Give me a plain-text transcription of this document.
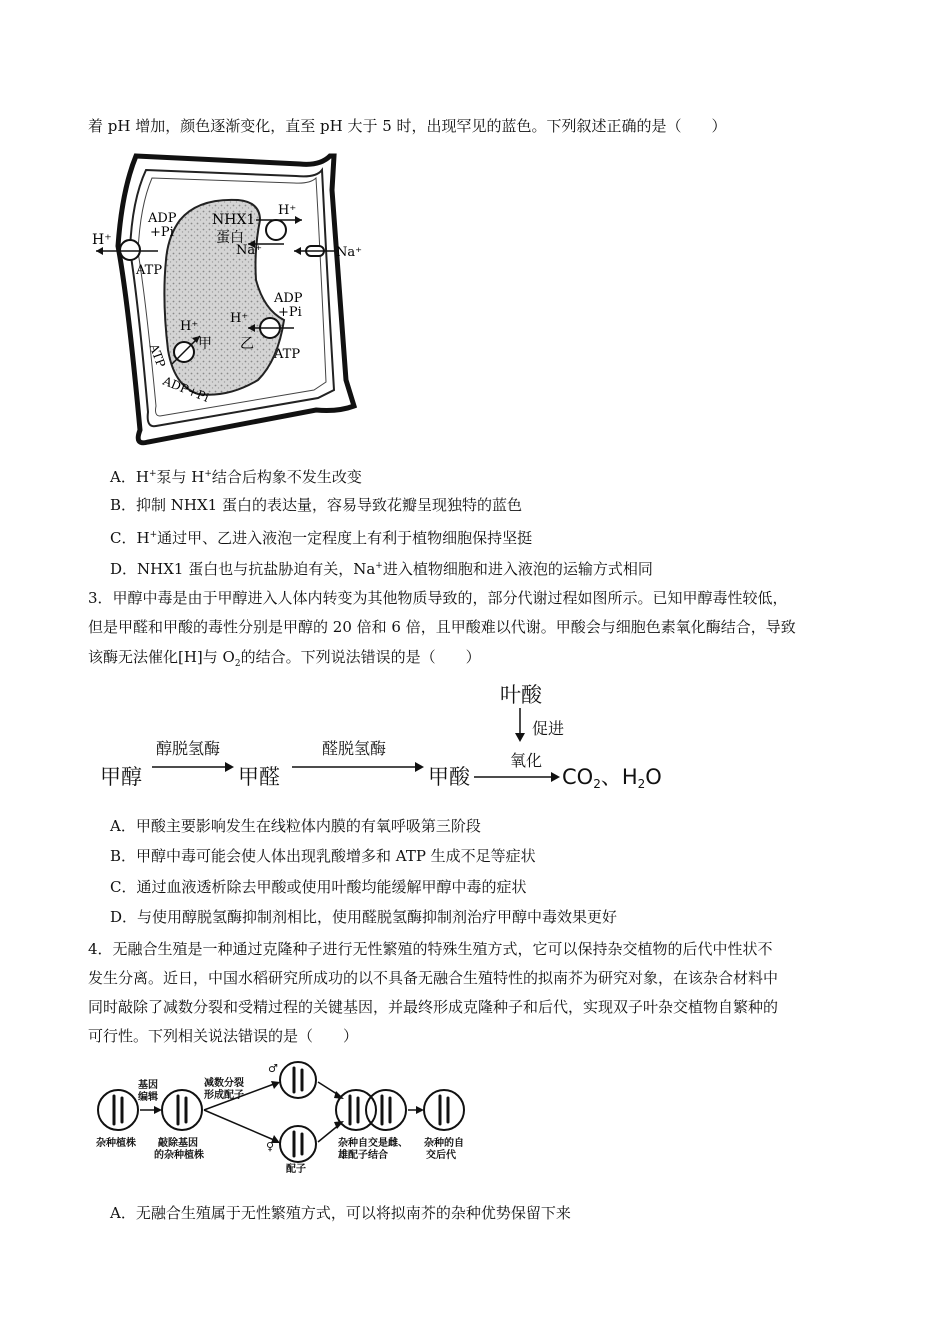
着 pH 增加，颜色逐渐变化，直至 pH 大于 5 时，出现罕见的蓝色。下列叙述正确的是（　　）
H⁺
ADP
+Pi
ATP
NHX1
蛋白
H⁺
Na⁺	Na⁺
ADP
+Pi
H⁺
乙
ATP
H⁺
甲
ATP
ADP+Pi
A．H+泵与 H+结合后构象不发生改变
B．抑制 NHX1 蛋白的表达量，容易导致花瓣呈现独特的蓝色
C．H+通过甲、乙进入液泡一定程度上有利于植物细胞保持坚挺
D．NHX1 蛋白也与抗盐胁迫有关，Na+进入植物细胞和进入液泡的运输方式相同
3．甲醇中毒是由于甲醇进入人体内转变为其他物质导致的，部分代谢过程如图所示。已知甲醇毒性较低，
但是甲醛和甲酸的毒性分别是甲醇的 20 倍和 6 倍，且甲酸难以代谢。甲酸会与细胞色素氧化酶结合，导致
该酶无法催化[H]与 $O_2$的结合。下列说法错误的是（　　）
叶酸
促进
甲醇
醇脱氢酶
甲醛
醛脱氢酶
甲酸
氧化
CO2、H2O
A．甲酸主要影响发生在线粒体内膜的有氧呼吸第三阶段
B．甲醇中毒可能会使人体出现乳酸增多和 ATP 生成不足等症状
C．通过血液透析除去甲酸或使用叶酸均能缓解甲醇中毒的症状
D．与使用醇脱氢酶抑制剂相比，使用醛脱氢酶抑制剂治疗甲醇中毒效果更好
4．无融合生殖是一种通过克隆种子进行无性繁殖的特殊生殖方式，它可以保持杂交植物的后代中性状不
发生分离。近日，中国水稻研究所成功的以不具备无融合生殖特性的拟南芥为研究对象，在该杂合材料中
同时敲除了减数分裂和受精过程的关键基因，并最终形成克隆种子和后代，实现双子叶杂交植物自繁种的
可行性。下列相关说法错误的是（　　）
基因
编辑
减数分裂
形成配子
♂
♀
配子
杂种植株 敲除基因
的杂种植株
杂种自交是雌、
雄配子结合
杂种的自
交后代
A．无融合生殖属于无性繁殖方式，可以将拟南芥的杂种优势保留下来
